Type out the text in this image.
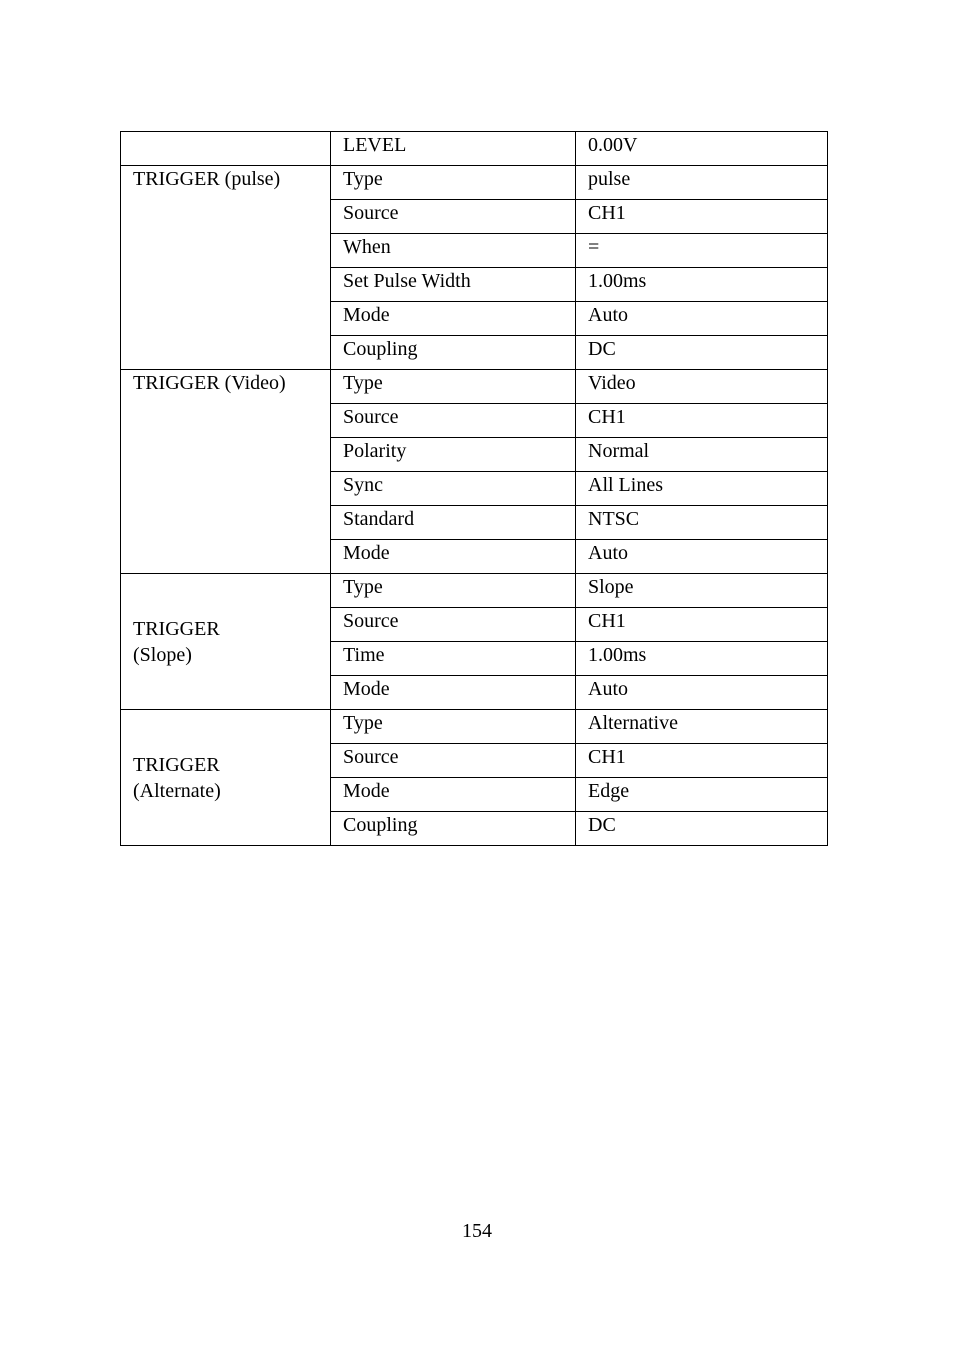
	LEVEL	0.00V

TRIGGER (pulse)	Type	pulse
	Source	CH1
	When	=
	Set Pulse Width	1.00ms
	Mode	Auto
	Coupling	DC

TRIGGER (Video)	Type	Video
	Source	CH1
	Polarity	Normal
	Sync	All Lines
	Standard	NTSC
	Mode	Auto

TRIGGER
(Slope)	Type	Slope
	Source	CH1
	Time	1.00ms
	Mode	Auto

TRIGGER
(Alternate)	Type	Alternative
	Source	CH1
	Mode	Edge
	Coupling	DC
154
